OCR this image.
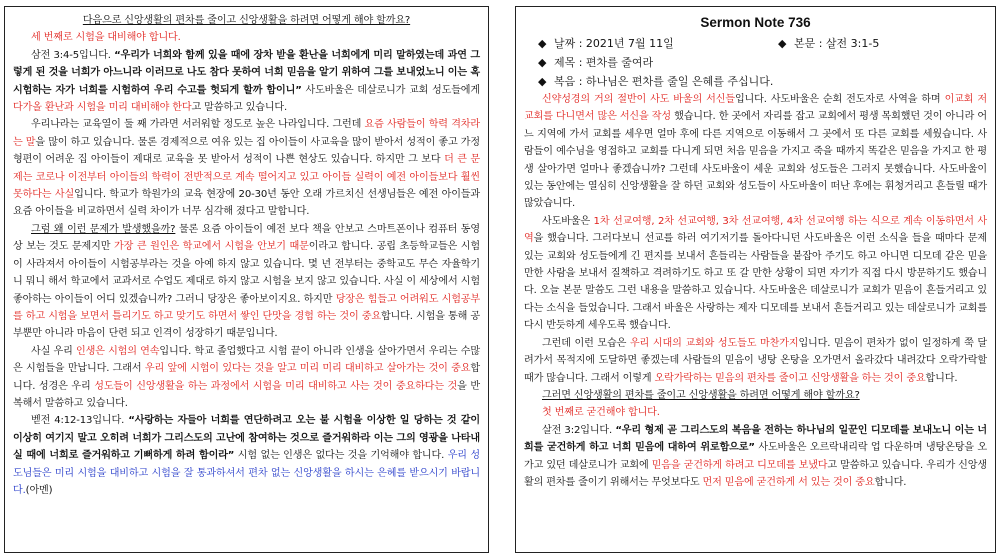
다음으로 신앙생활의 편차를 줄이고 신앙생활을 하려면 어떻게 해야 할까요?

세 번째로 시험을 대비해야 합니다.

삼전 3:4-5입니다. “우리가 너희와 함께 있을 때에 장차 받을 환난을 너희에게 미리 말하였는데 과연 그렇게 된 것을 너희가 아느니라 이러므로 나도 참다 못하여 너희 믿음을 알기 위하여 그를 보내었노니 이는 혹 시험하는 자가 너희를 시험하여 우리 수고를 헛되게 할까 함이니” 사도바울은 데살로니가 교회 성도들에게 다가올 환난과 시험을 미리 대비해야 한다고 말씀하고 있습니다.

우리나라는 교육열이 둘 째 가라면 서러워할 정도로 높은 나라입니다. 그런데 요즘 사람들이 학력 격차라는 말을 많이 하고 있습니다. 물론 경제적으로 여유 있는 집 아이들이 사교육을 많이 받아서 성적이 좋고 가정 형편이 어려운 집 아이들이 제대로 교육을 못 받아서 성적이 나쁜 현상도 있습니다. 하지만 그 보다 더 큰 문제는 코로나 이전부터 아이들의 학력이 전반적으로 계속 떨어지고 있고 아이들 실력이 예전 아이들보다 훨씬 못하다는 사실입니다. 학교가 학원가의 교육 현장에 20-30년 동안 오래 가르치신 선생님들은 예전 아이들과 요즘 아이들을 비교하면서 실력 차이가 너무 심각해 졌다고 말합니다.

그럼 왜 이런 문제가 발생했을까? 물론 요즘 아이들이 예전 보다 책을 안보고 스마트폰이나 컴퓨터 동영상 보는 것도 문제지만 가장 큰 원인은 학교에서 시험을 안보기 때문이라고 합니다. 공립 초등학교들은 시험이 사라져서 아이들이 시험공부라는 것을 아예 하지 않고 있습니다. 몇 년 전부터는 중학교도 무슨 자율학기니 뭐니 해서 학교에서 교과서로 수업도 제대로 하지 않고 시험을 보지 않고 있습니다. 사실 이 세상에서 시험 좋아하는 아이들이 어디 있겠습니까? 그러니 당장은 좋아보이지요. 하지만 당장은 힘들고 어려워도 시험공부를 하고 시험을 보면서 틀리기도 하고 맞기도 하면서 쌓인 단맛을 경험 하는 것이 중요합니다. 시험을 통해 공부뿐만 아니라 마음이 단련 되고 인격이 성장하기 때문입니다.

사실 우리 인생은 시험의 연속입니다. 학교 졸업했다고 시험 끝이 아니라 인생을 살아가면서 우리는 수많은 시험들을 만납니다. 그래서 우리 앞에 시험이 있다는 것을 알고 미리 미리 대비하고 살아가는 것이 중요합니다. 성경은 우리 성도들이 신앙생활을 하는 과정에서 시험을 미리 대비하고 사는 것이 중요하다는 것을 반복해서 말씀하고 있습니다.

벧전 4:12-13입니다. “사랑하는 자들아 너희를 연단하려고 오는 불 시험을 이상한 일 당하는 것 같이 이상히 여기지 말고 오히려 너희가 그리스도의 고난에 참여하는 것으로 즐거워하라 이는 그의 영광을 나타내실 때에 너희로 즐거워하고 기뻐하게 하려 함이라” 시험 없는 인생은 없다는 것을 기억해야 합니다. 우리 성도님들은 미리 시험을 대비하고 시험을 잘 통과하셔서 편차 없는 신앙생활을 하시는 은혜를 받으시기 바랍니다.(아멘)

Sermon Note 736

◆ 날짜 : 2021년 7월 11일	◆ 본문 : 살전 3:1-5

◆ 제목 : 편차를 줄여라

◆ 복음 : 하나님은 편차를 줄일 은혜를 주십니다.

신약성경의 거의 절반이 사도 바울의 서신들입니다. 사도바울은 순회 전도자로 사역을 하며 이교회 저 교회를 다니면서 많은 서신을 작성 했습니다. 한 곳에서 자리를 잡고 교회에서 평생 목회했던 것이 아니라 어느 지역에 가서 교회를 세우면 얼마 후에 다른 지역으로 이동해서 그 곳에서 또 다른 교회를 세웠습니다. 사람들이 예수님을 영접하고 교회를 다니게 되면 처음 믿음을 가지고 죽을 때까지 똑같은 믿음을 가지고 한 평생 살아가면 얼마나 좋겠습니까? 그런데 사도바울이 세운 교회와 성도들은 그러지 못했습니다. 사도바울이 있는 동안에는 열심히 신앙생활을 잘 하던 교회와 성도들이 사도바울이 떠난 후에는 휘청거리고 흔들릴 때가 많았습니다.

사도바울은 1차 선교여행, 2차 선교여행, 3차 선교여행, 4차 선교여행 하는 식으로 계속 이동하면서 사역을 했습니다. 그러다보니 선교를 하러 여기저기를 돌아다니던 사도바울은 이런 소식을 들을 때마다 문제 있는 교회와 성도들에게 긴 편지를 보내서 흔들리는 사람들을 붙잡아 주기도 하고 아니면 디모데 같은 믿을 만한 사람을 보내서 질책하고 격려하기도 하고 또 갈 만한 상황이 되면 자기가 직접 다시 방문하기도 했습니다. 오늘 본문 말씀도 그런 내용을 말씀하고 있습니다. 사도바울은 데살로니가 교회가 믿음이 흔들거리고 있다는 소식을 들었습니다. 그래서 바울은 사랑하는 제자 디모데를 보내서 흔들거리고 있는 데살로니가 교회를 다시 반듯하게 세우도록 했습니다.

그런데 이런 모습은 우리 시대의 교회와 성도들도 마찬가지입니다. 믿음이 편차가 없이 일정하게 쭉 달려가서 목적지에 도달하면 좋겠는데 사람들의 믿음이 냉탕 온탕을 오가면서 올라갔다 내려갔다 오락가락할 때가 많습니다. 그래서 이렇게 오락가락하는 믿음의 편차를 줄이고 신앙생활을 하는 것이 중요합니다.

그러면 신앙생활의 편차를 줄이고 신앙생활을 하려면 어떻게 해야 할까요?

첫 번째로 굳건해야 합니다.

살전 3:2입니다. “우리 형제 곧 그리스도의 복음을 전하는 하나님의 일꾼인 디모데를 보내노니 이는 너희를 굳건하게 하고 너희 믿음에 대하여 위로함으로” 사도바울은 오르락내리락 업 다운하며 냉탕온탕을 오가고 있던 데살로니가 교회에 믿음을 굳건하게 하려고 디모데를 보냈다고 말씀하고 있습니다. 우리가 신앙생활의 편차를 줄이기 위해서는 무엇보다도 먼저 믿음에 굳건하게 서 있는 것이 중요합니다.
